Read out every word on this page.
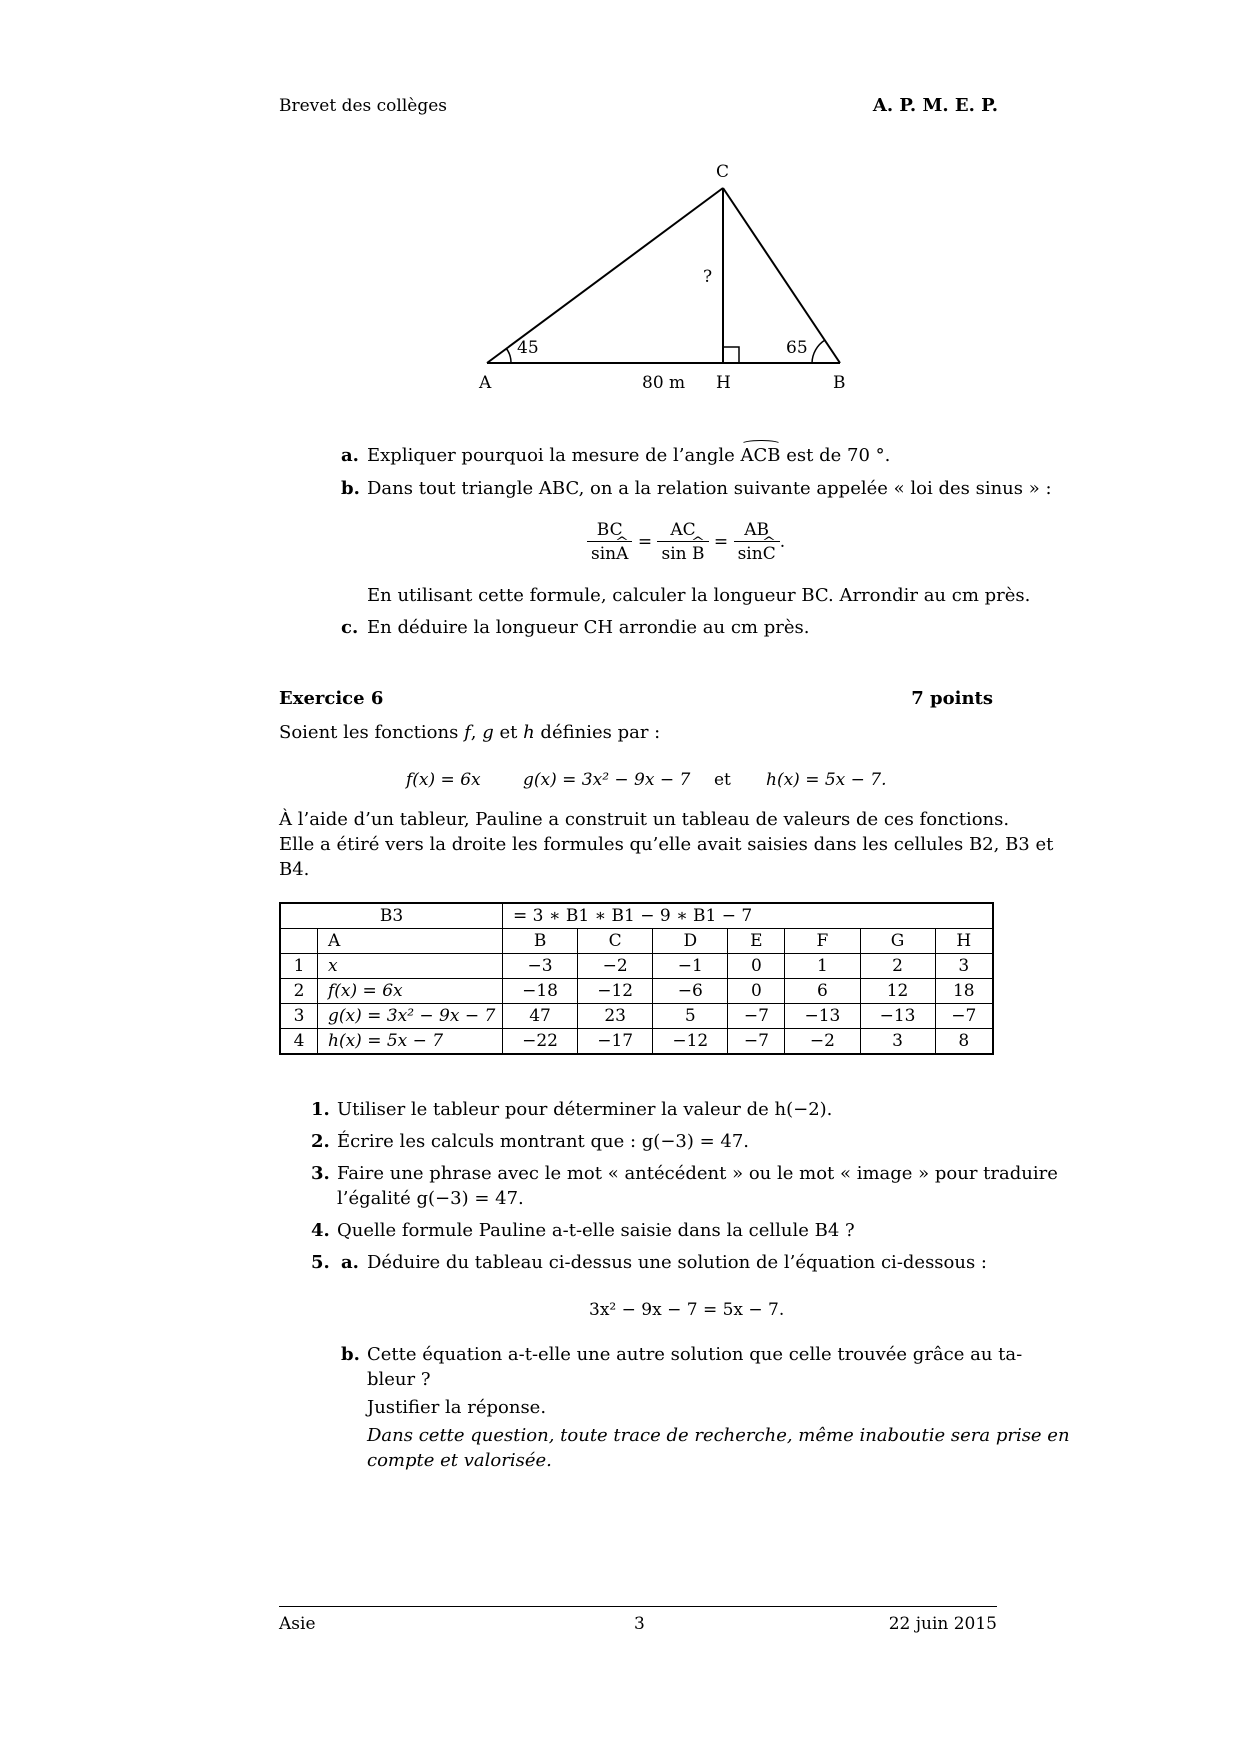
Brevet des collèges	A. P. M. E. P.
C
A	B
H
45	65
?
80 m
a. Expliquer pourquoi la mesure de l’angle ACB est de 70 °.
b. Dans tout triangle ABC, on a la relation suivante appelée « loi des sinus » :
$\frac{BC}{\sin\^{} A} = \frac{AC}{\sin \^{} B} = \frac{AB}{\sin\^{} C}$ .
En utilisant cette formule, calculer la longueur BC. Arrondir au cm près.
c. En déduire la longueur CH arrondie au cm près.
Exercice 6	7 points
Soient les fonctions f, g et h définies par :
f(x) = 6x g(x) = 3x² − 9x − 7 et h(x) = 5x − 7.
À l’aide d’un tableur, Pauline a construit un tableau de valeurs de ces fonctions.
Elle a étiré vers la droite les formules qu’elle avait saisies dans les cellules B2, B3 et
B4.
B3		= 3 ∗ B1 ∗ B1 − 9 ∗ B1 − 7						
	A	B	C	D	E	F	G	H
1	x	−3	−2	−1	0	1	2	3
2	f(x) = 6x	−18	−12	−6	0	6	12	18
3	g(x) = 3x² − 9x − 7	47	23	5	−7	−13	−13	−7
4	h(x) = 5x − 7	−22	−17	−12	−7	−2	3	8
1. Utiliser le tableur pour déterminer la valeur de h(−2).
2. Écrire les calculs montrant que : g(−3) = 47.
3. Faire une phrase avec le mot « antécédent » ou le mot « image » pour traduire
l’égalité g(−3) = 47.
4. Quelle formule Pauline a-t-elle saisie dans la cellule B4 ?
5. a. Déduire du tableau ci-dessus une solution de l’équation ci-dessous :
3x² − 9x − 7 = 5x − 7.
b. Cette équation a-t-elle une autre solution que celle trouvée grâce au ta-
bleur ?
Justifier la réponse.
Dans cette question, toute trace de recherche, même inaboutie sera prise en
compte et valorisée.
Asie	3	22 juin 2015
